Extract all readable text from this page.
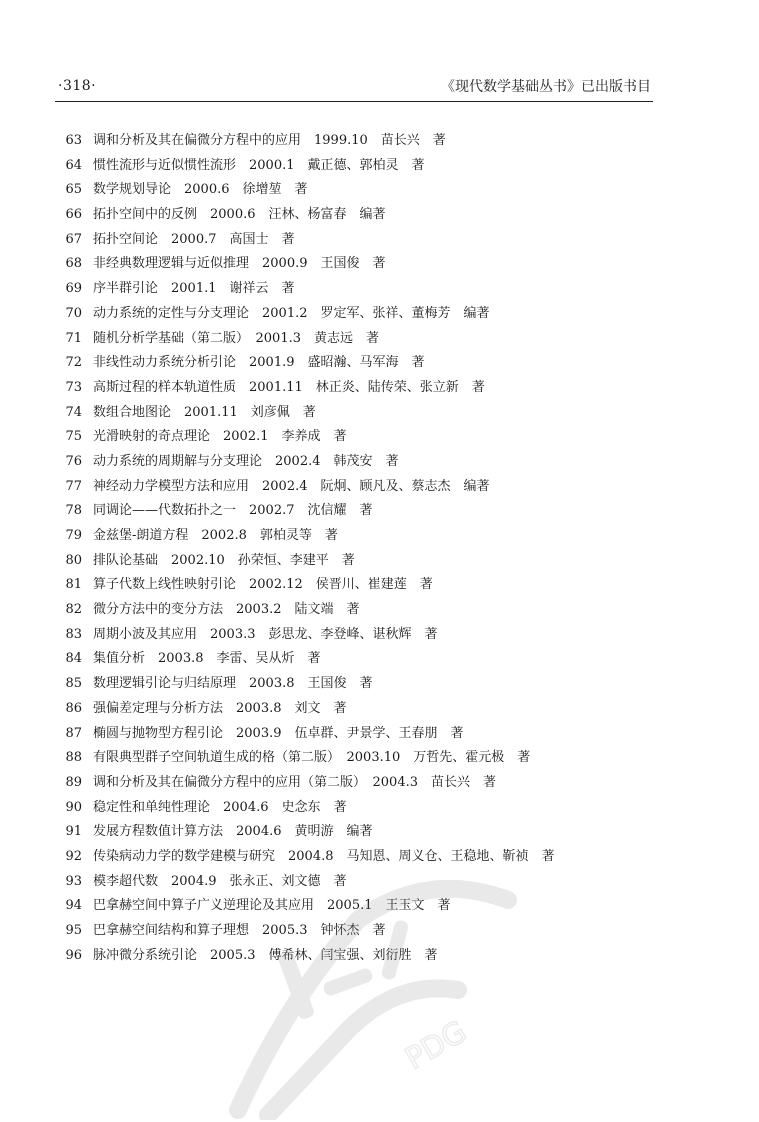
·318·	《现代数学基础丛书》已出版书目
63 调和分析及其在偏微分方程中的应用　1999.10　苗长兴　著
64 惯性流形与近似惯性流形　2000.1　戴正德、郭柏灵　著
65 数学规划导论　2000.6　徐增堃　著
66 拓扑空间中的反例　2000.6　汪林、杨富春　编著
67 拓扑空间论　2000.7　高国士　著
68 非经典数理逻辑与近似推理　2000.9　王国俊　著
69 序半群引论　2001.1　谢祥云　著
70 动力系统的定性与分支理论　2001.2　罗定军、张祥、董梅芳　编著
71 随机分析学基础（第二版）　2001.3　黄志远　著
72 非线性动力系统分析引论　2001.9　盛昭瀚、马军海　著
73 高斯过程的样本轨道性质　2001.11　林正炎、陆传荣、张立新　著
74 数组合地图论　2001.11　刘彦佩　著
75 光滑映射的奇点理论　2002.1　李养成　著
76 动力系统的周期解与分支理论　2002.4　韩茂安　著
77 神经动力学模型方法和应用　2002.4　阮炯、顾凡及、蔡志杰　编著
78 同调论——代数拓扑之一　2002.7　沈信耀　著
79 金兹堡-朗道方程　2002.8　郭柏灵等　著
80 排队论基础　2002.10　孙荣恒、李建平　著
81 算子代数上线性映射引论　2002.12　侯晋川、崔建莲　著
82 微分方法中的变分方法　2003.2　陆文端　著
83 周期小波及其应用　2003.3　彭思龙、李登峰、谌秋辉　著
84 集值分析　2003.8　李雷、吴从炘　著
85 数理逻辑引论与归结原理　2003.8　王国俊　著
86 强偏差定理与分析方法　2003.8　刘文　著
87 椭圆与抛物型方程引论　2003.9　伍卓群、尹景学、王春朋　著
88 有限典型群子空间轨道生成的格（第二版）　2003.10　万哲先、霍元极　著
89 调和分析及其在偏微分方程中的应用（第二版）　2004.3　苗长兴　著
90 稳定性和单纯性理论　2004.6　史念东　著
91 发展方程数值计算方法　2004.6　黄明游　编著
92 传染病动力学的数学建模与研究　2004.8　马知恩、周义仓、王稳地、靳祯　著
93 模李超代数　2004.9　张永正、刘文德　著
94 巴拿赫空间中算子广义逆理论及其应用　2005.1　王玉文　著
95 巴拿赫空间结构和算子理想　2005.3　钟怀杰　著
96 脉冲微分系统引论　2005.3　傅希林、闫宝强、刘衍胜　著
PDG
